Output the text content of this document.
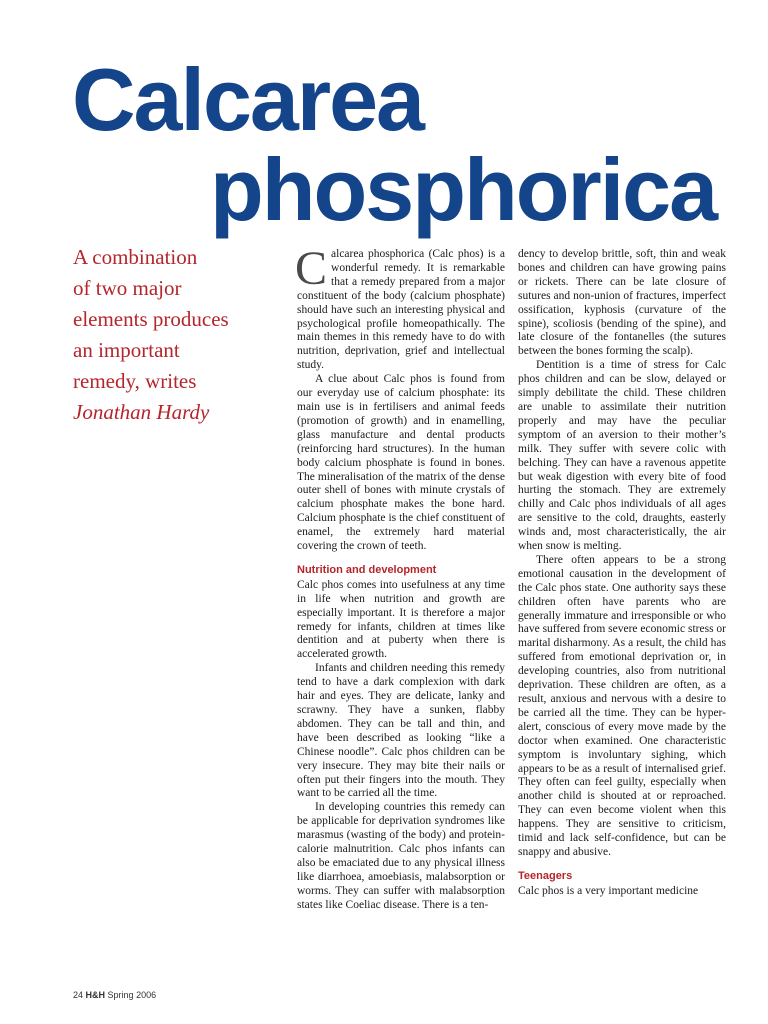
Calcarea
phosphorica
A combination
of two major
elements produces
an important
remedy, writes
Jonathan Hardy

Calcarea phosphorica (Calc phos) is a wonderful remedy. It is remarkable that a remedy prepared from a major constituent of the body (calcium phosphate) should have such an interesting physical and psychological profile homeopathically. The main themes in this remedy have to do with nutrition, deprivation, grief and intellectual study.

A clue about Calc phos is found from our everyday use of calcium phosphate: its main use is in fertilisers and animal feeds (promotion of growth) and in enamelling, glass manufacture and dental products (reinforcing hard structures). In the human body calcium phosphate is found in bones. The mineralisation of the matrix of the dense outer shell of bones with minute crystals of calcium phosphate makes the bone hard. Calcium phosphate is the chief constituent of enamel, the extremely hard material covering the crown of teeth.

Nutrition and development

Calc phos comes into usefulness at any time in life when nutrition and growth are especially important. It is therefore a major remedy for infants, children at times like dentition and at puberty when there is accelerated growth.

Infants and children needing this remedy tend to have a dark complexion with dark hair and eyes. They are delicate, lanky and scrawny. They have a sunken, flabby abdomen. They can be tall and thin, and have been described as looking “like a Chinese noodle”. Calc phos children can be very insecure. They may bite their nails or often put their fingers into the mouth. They want to be carried all the time.

In developing countries this remedy can be applicable for deprivation syndromes like marasmus (wasting of the body) and protein-calorie malnutrition. Calc phos infants can also be emaciated due to any physical illness like diarrhoea, amoebiasis, malabsorption or worms. They can suffer with malabsorption states like Coeliac disease. There is a ten-

dency to develop brittle, soft, thin and weak bones and children can have growing pains or rickets. There can be late closure of sutures and non-union of fractures, imperfect ossification, kyphosis (curvature of the spine), scoliosis (bending of the spine), and late closure of the fontanelles (the sutures between the bones forming the scalp).

Dentition is a time of stress for Calc phos children and can be slow, delayed or simply debilitate the child. These children are unable to assimilate their nutrition properly and may have the peculiar symptom of an aversion to their mother’s milk. They suffer with severe colic with belching. They can have a ravenous appetite but weak digestion with every bite of food hurting the stomach. They are extremely chilly and Calc phos individuals of all ages are sensitive to the cold, draughts, easterly winds and, most characteristically, the air when snow is melting.

There often appears to be a strong emotional causation in the development of the Calc phos state. One authority says these children often have parents who are generally immature and irresponsible or who have suffered from severe economic stress or marital disharmony. As a result, the child has suffered from emotional deprivation or, in developing countries, also from nutritional deprivation. These children are often, as a result, anxious and nervous with a desire to be carried all the time. They can be hyper-alert, conscious of every move made by the doctor when examined. One characteristic symptom is involuntary sighing, which appears to be as a result of internalised grief. They often can feel guilty, especially when another child is shouted at or reproached. They can even become violent when this happens. They are sensitive to criticism, timid and lack self-confidence, but can be snappy and abusive.

Teenagers

Calc phos is a very important medicine

24 H&H Spring 2006
